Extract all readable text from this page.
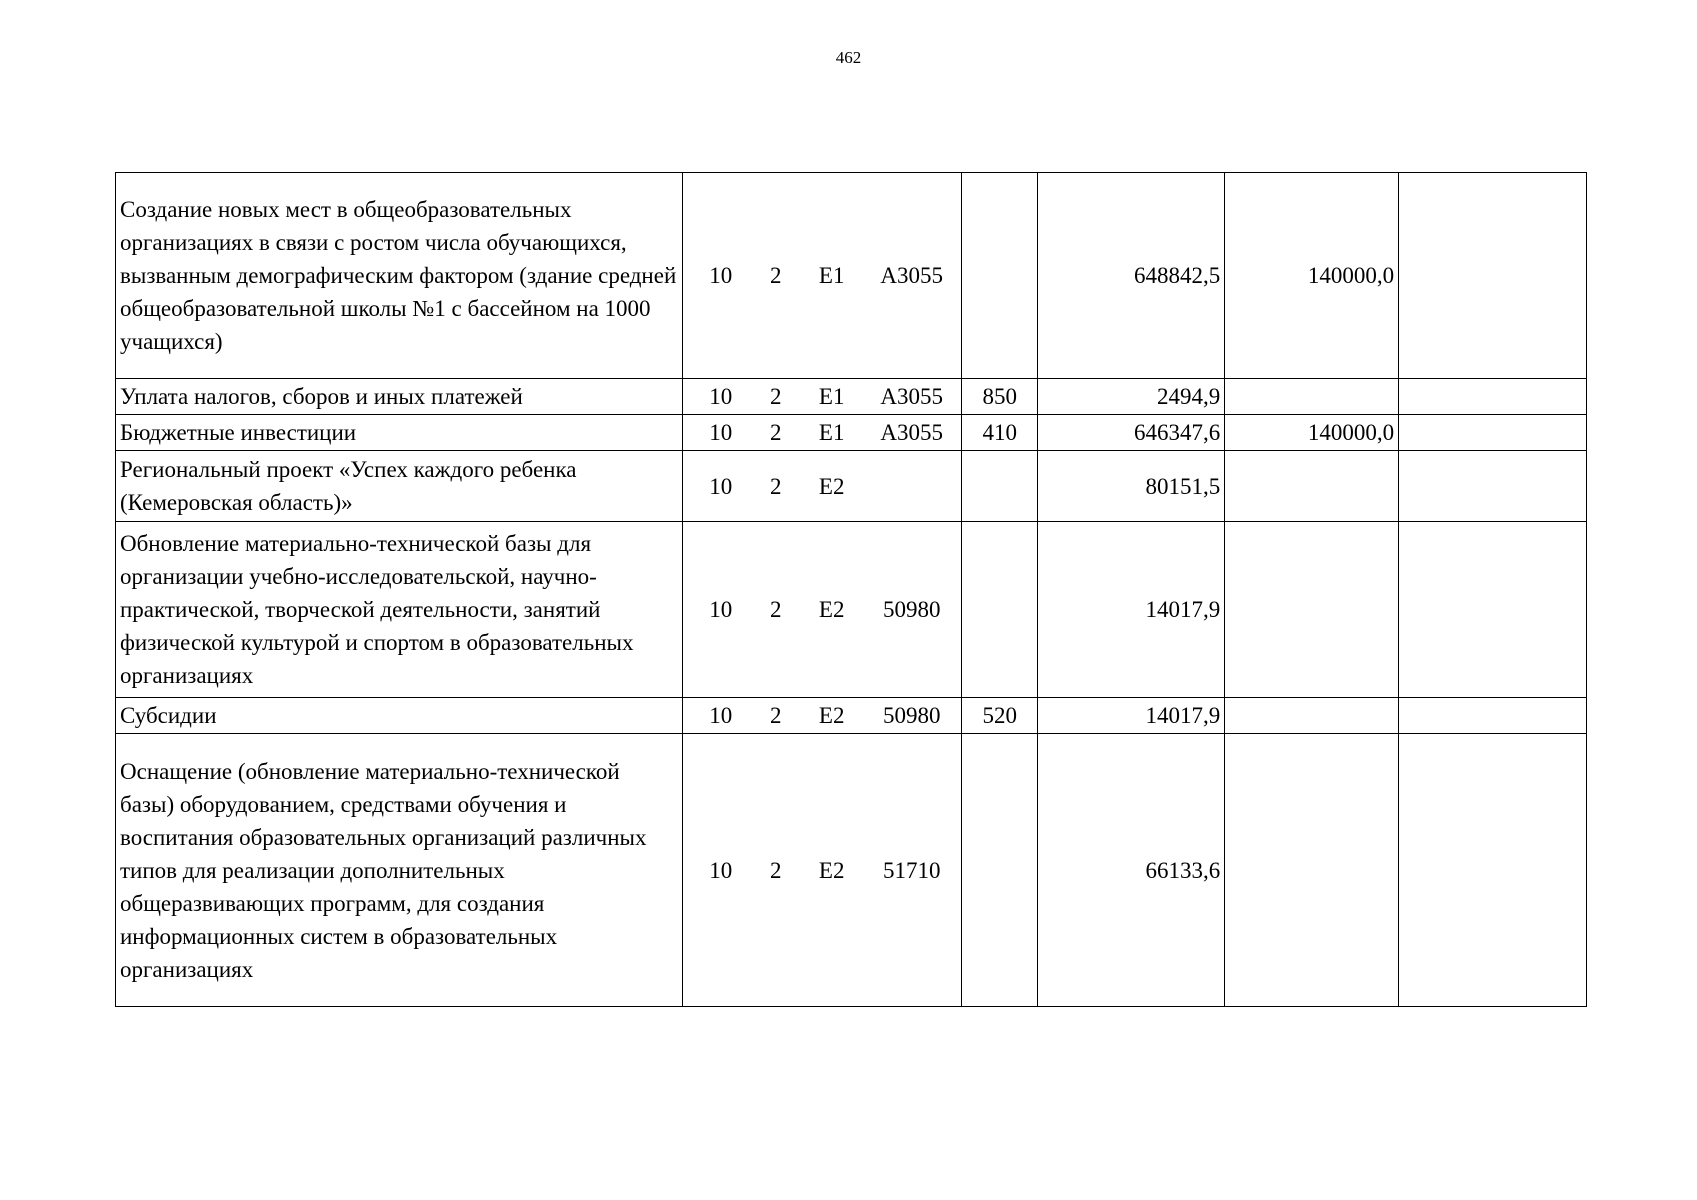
462
Создание новых мест в общеобразовательных организациях в связи с ростом числа обучающихся, вызванным демографическим фактором (здание средней общеобразовательной школы №1 с бассейном на 1000 учащихся)	10 2 Е1 А3055		648842,5	140000,0	
Уплата налогов, сборов и иных платежей	10 2 Е1 А3055	850	2494,9		
Бюджетные инвестиции	10 2 Е1 А3055	410	646347,6	140000,0	
Региональный проект «Успех каждого ребенка (Кемеровская область)»	10 2 Е2		80151,5		
Обновление материально-технической базы для организации учебно-исследовательской, научно-практической, творческой деятельности, занятий физической культурой и спортом в образовательных организациях	10 2 Е2 50980		14017,9		
Субсидии	10 2 Е2 50980	520	14017,9		
Оснащение (обновление материально-технической базы) оборудованием, средствами обучения и воспитания образовательных организаций различных типов для реализации дополнительных общеразвивающих программ, для создания информационных систем в образовательных организациях	10 2 Е2 51710		66133,6		
